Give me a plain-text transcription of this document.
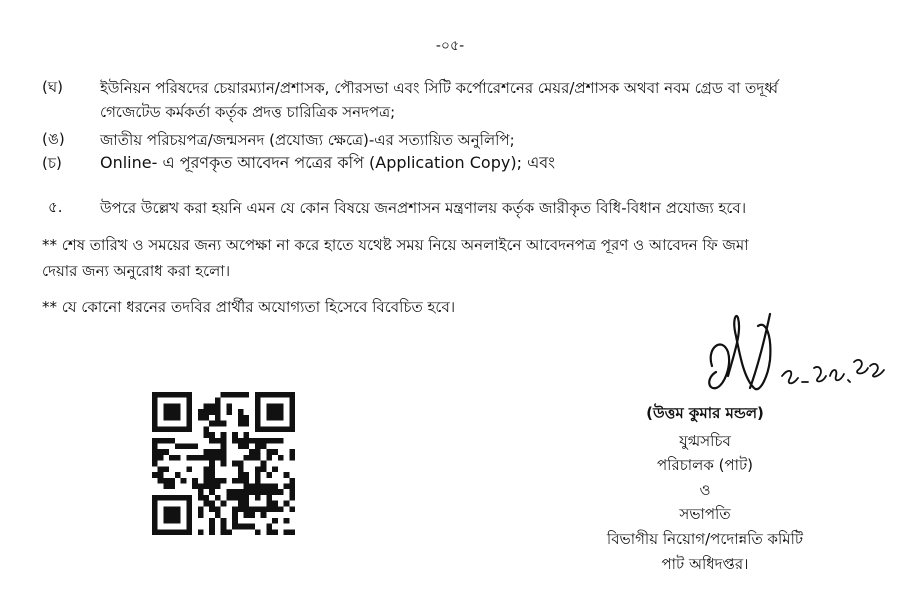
-০৫-
(ঘ) ইউনিয়ন পরিষদের চেয়ারম্যান/প্রশাসক, পৌরসভা এবং সিটি কর্পোরেশনের মেয়র/প্রশাসক অথবা নবম গ্রেড বা তদূর্ধ্ব
গেজেটেড কর্মকর্তা কর্তৃক প্রদত্ত চারিত্রিক সনদপত্র;
(ঙ) জাতীয় পরিচয়পত্র/জন্মসনদ (প্রযোজ্য ক্ষেত্রে)-এর সত্যায়িত অনুলিপি;
(চ) Online- এ পূরণকৃত আবেদন পত্রের কপি (Application Copy); এবং
৫. উপরে উল্লেখ করা হয়নি এমন যে কোন বিষয়ে জনপ্রশাসন মন্ত্রণালয় কর্তৃক জারীকৃত বিধি-বিধান প্রযোজ্য হবে।
** শেষ তারিখ ও সময়ের জন্য অপেক্ষা না করে হাতে যথেষ্ট সময় নিয়ে অনলাইনে আবেদনপত্র পূরণ ও আবেদন ফি জমা
দেয়ার জন্য অনুরোধ করা হলো।
** যে কোনো ধরনের তদবির প্রার্থীর অযোগ্যতা হিসেবে বিবেচিত হবে।
(উত্তম কুমার মন্ডল)
যুগ্মসচিব
পরিচালক (পাট)
ও
সভাপতি
বিভাগীয় নিয়োগ/পদোন্নতি কমিটি
পাট অধিদপ্তর।
